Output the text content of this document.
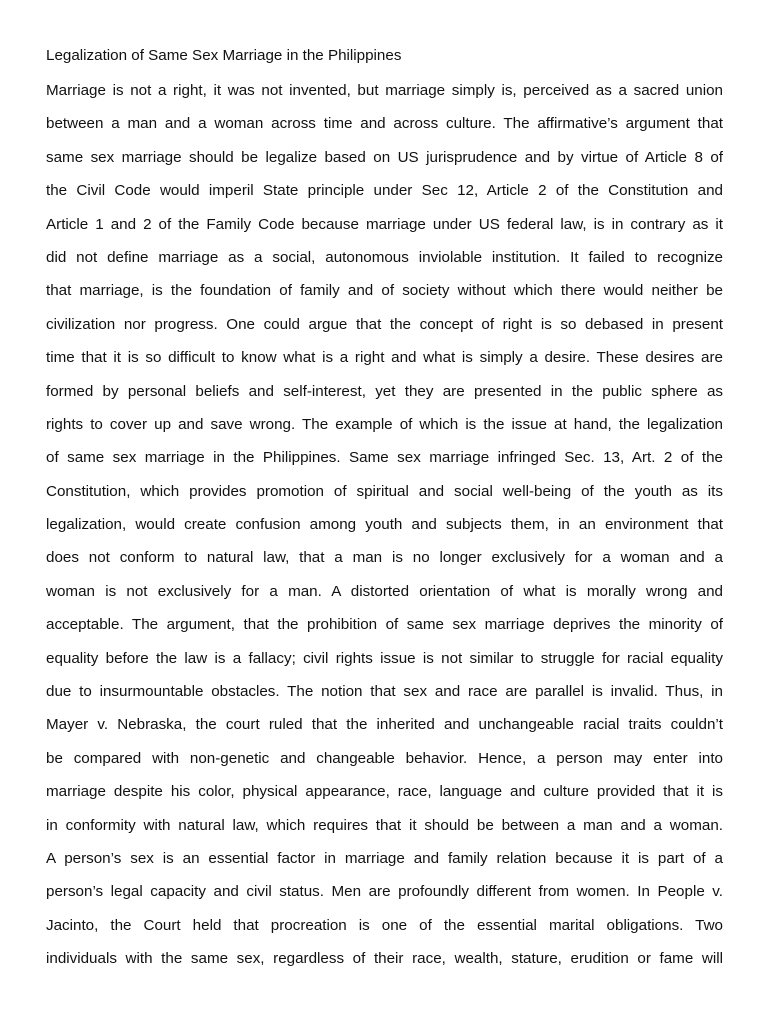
Legalization of Same Sex Marriage in the Philippines
Marriage is not a right, it was not invented, but marriage simply is, perceived as a sacred union
between a man and a woman across time and across culture. The affirmative’s argument that
same sex marriage should be legalize based on US jurisprudence and by virtue of Article 8 of
the Civil Code would imperil State principle under Sec 12, Article 2 of the Constitution and
Article 1 and 2 of the Family Code because marriage under US federal law, is in contrary as it
did not define marriage as a social, autonomous inviolable institution. It failed to recognize
that marriage, is the foundation of family and of society without which there would neither be
civilization nor progress. One could argue that the concept of right is so debased in present
time that it is so difficult to know what is a right and what is simply a desire. These desires are
formed by personal beliefs and self-interest, yet they are presented in the public sphere as
rights to cover up and save wrong. The example of which is the issue at hand, the legalization
of same sex marriage in the Philippines. Same sex marriage infringed Sec. 13, Art. 2 of the
Constitution, which provides promotion of spiritual and social well-being of the youth as its
legalization, would create confusion among youth and subjects them, in an environment that
does not conform to natural law, that a man is no longer exclusively for a woman and a
woman is not exclusively for a man. A distorted orientation of what is morally wrong and
acceptable. The argument, that the prohibition of same sex marriage deprives the minority of
equality before the law is a fallacy; civil rights issue is not similar to struggle for racial equality
due to insurmountable obstacles. The notion that sex and race are parallel is invalid. Thus, in
Mayer v. Nebraska, the court ruled that the inherited and unchangeable racial traits couldn’t
be compared with non-genetic and changeable behavior. Hence, a person may enter into
marriage despite his color, physical appearance, race, language and culture provided that it is
in conformity with natural law, which requires that it should be between a man and a woman.
A person’s sex is an essential factor in marriage and family relation because it is part of a
person’s legal capacity and civil status. Men are profoundly different from women. In People v.
Jacinto, the Court held that procreation is one of the essential marital obligations. Two
individuals with the same sex, regardless of their race, wealth, stature, erudition or fame will
